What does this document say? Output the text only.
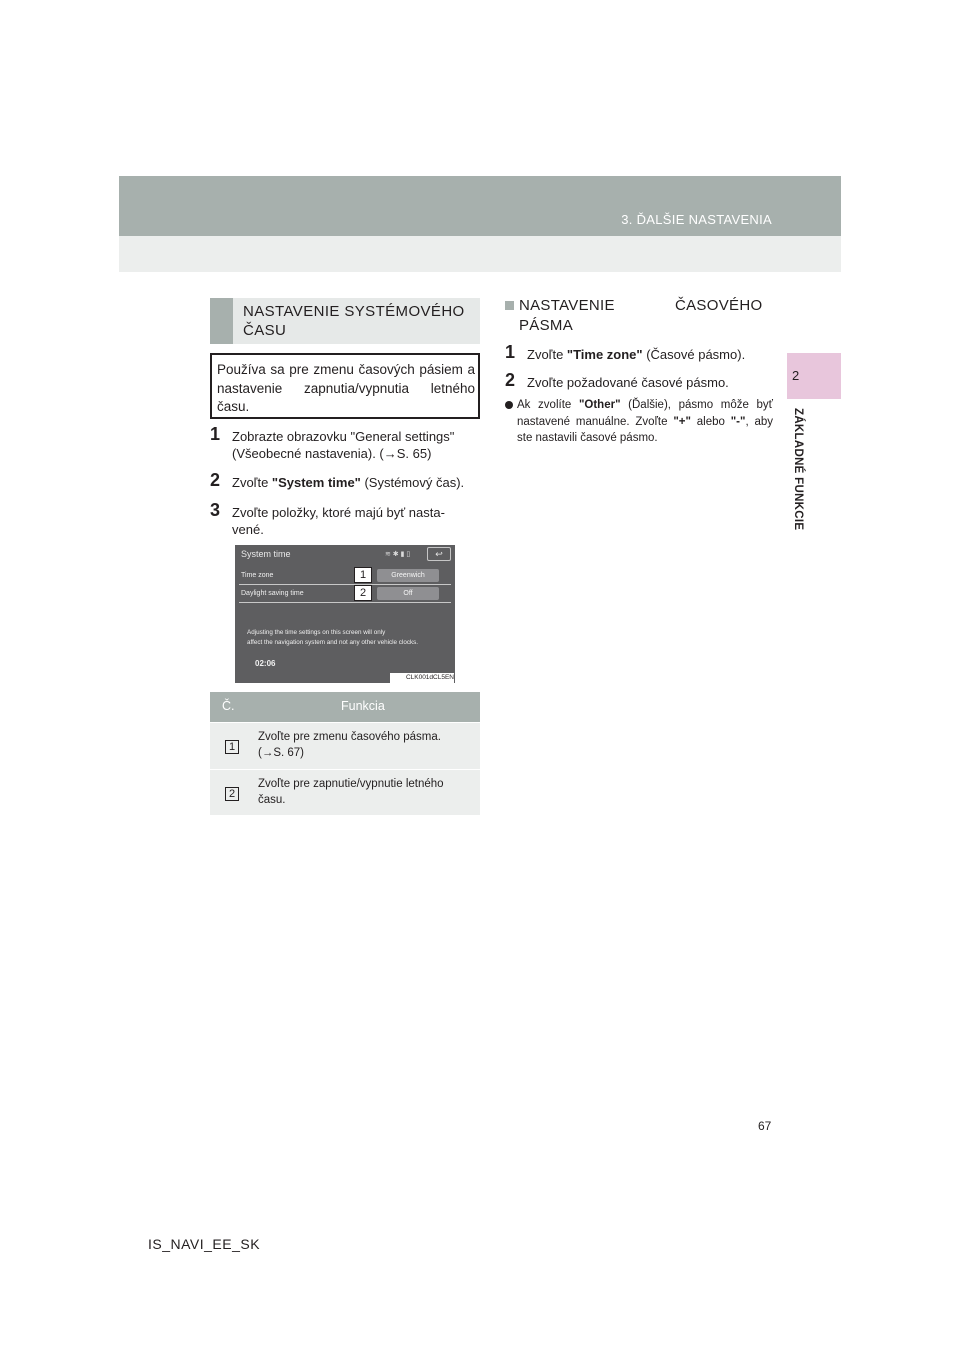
3. ĎALŠIE NASTAVENIA
2
ZÁKLADNÉ FUNKCIE
NASTAVENIE SYSTÉMOVÉHO
ČASU
Používa sa pre zmenu časových pásiem a nastavenie zapnutia/vypnutia letného času.
1 Zobrazte obrazovku "General settings"
(Všeobecné nastavenia). (→S. 65)
2 Zvoľte "System time" (Systémový čas).
3 Zvoľte položky, ktoré majú byť nasta-
vené.
System time	≋ ✱ ▮ ▯	↩
Time zone	Greenwich
Daylight saving time	Off
1
2
Adjusting the time settings on this screen will only
affect the navigation system and not any other vehicle clocks.
02:06
CLK001dCL5EN
Č.	Funkcia
1
Zvoľte pre zmenu časového pásma.
(→S. 67)
2
Zvoľte pre zapnutie/vypnutie letného
času.
NASTAVENIE	ČASOVÉHO
PÁSMA
1 Zvoľte "Time zone" (Časové pásmo).
2 Zvoľte požadované časové pásmo.
Ak zvolíte "Other" (Ďalšie), pásmo môže byť nastavené manuálne. Zvoľte "+" alebo "-", aby ste nastavili časové pásmo.
67
IS_NAVI_EE_SK
